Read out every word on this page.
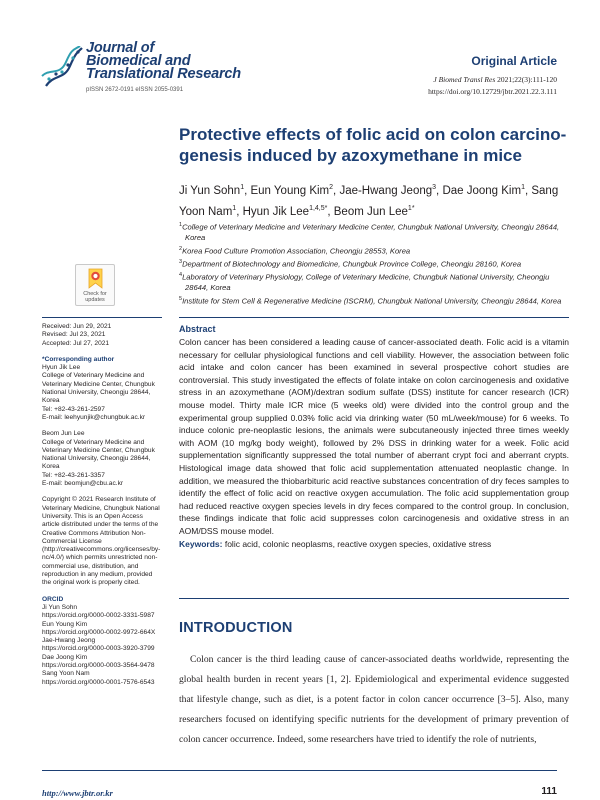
Journal of
Biomedical and
Translational Research
pISSN 2672-0191 eISSN 2055-0391
Original Article
J Biomed Transl Res 2021;22(3):111-120
https://doi.org/10.12729/jbtr.2021.22.3.111
Protective effects of folic acid on colon carcino-genesis induced by azoxymethane in mice
Ji Yun Sohn$^1$, Eun Young Kim$^2$, Jae-Hwang Jeong$^3$, Dae Joong Kim$^1$, Sang Yoon Nam$^1$, Hyun Jik Lee$^{1,4,5*}$, Beom Jun Lee$^{1*}$
$^1$College of Veterinary Medicine and Veterinary Medicine Center, Chungbuk National University, Cheongju 28644, Korea
$^2$Korea Food Culture Promotion Association, Cheongju 28553, Korea
$^3$Department of Biotechnology and Biomedicine, Chungbuk Province College, Cheongju 28160, Korea
$^4$Laboratory of Veterinary Physiology, College of Veterinary Medicine, Chungbuk National University, Cheongju 28644, Korea
$^5$Institute for Stem Cell & Regenerative Medicine (ISCRM), Chungbuk National University, Cheongju 28644, Korea
Check for
updates
Received: Jun 29, 2021
Revised: Jul 23, 2021
Accepted: Jul 27, 2021
*Corresponding author

Hyun Jik Lee
College of Veterinary Medicine and Veterinary Medicine Center, Chungbuk National University, Cheongju 28644, Korea
Tel: +82-43-261-2597
E-mail: leehyunjik@chungbuk.ac.kr

Beom Jun Lee
College of Veterinary Medicine and Veterinary Medicine Center, Chungbuk National University, Cheongju 28644, Korea
Tel: +82-43-261-3357
E-mail: beomjun@cbu.ac.kr

Copyright © 2021 Research Institute of Veterinary Medicine, Chungbuk National University. This is an Open Access article distributed under the terms of the Creative Commons Attribution Non-Commercial License (http://creativecommons.org/licenses/by-nc/4.0/) which permits unrestricted non-commercial use, distribution, and reproduction in any medium, provided the original work is properly cited.

ORCID

Ji Yun Sohn
https://orcid.org/0000-0002-3331-5987
Eun Young Kim
https://orcid.org/0000-0002-9972-664X
Jae-Hwang Jeong
https://orcid.org/0000-0003-3920-3799
Dae Joong Kim
https://orcid.org/0000-0003-3564-9478
Sang Yoon Nam
https://orcid.org/0000-0001-7576-6543

Abstract

Colon cancer has been considered a leading cause of cancer-associated death. Folic acid is a vitamin necessary for cellular physiological functions and cell viability. However, the association between folic acid intake and colon cancer has been examined in several prospective cohort studies are controversial. This study investigated the effects of folate intake on colon carcinogenesis and oxidative stress in an azoxymethane (AOM)/dextran sodium sulfate (DSS) institute for cancer research (ICR) mouse model. Thirty male ICR mice (5 weeks old) were divided into the control group and the experimental group supplied 0.03% folic acid via drinking water (50 mL/week/mouse) for 6 weeks. To induce colonic pre-neoplastic lesions, the animals were subcutaneously injected three times weekly with AOM (10 mg/kg body weight), followed by 2% DSS in drinking water for a week. Folic acid supplementation significantly suppressed the total number of aberrant crypt foci and aberrant crypts. Histological image data showed that folic acid supplementation attenuated neoplastic change. In addition, we measured the thiobarbituric acid reactive substances concentration of dry feces samples to identify the effect of folic acid on reactive oxygen accumulation. The folic acid supplementation group had reduced reactive oxygen species levels in dry feces compared to the control group. In conclusion, these findings indicate that folic acid suppresses colon carcinogenesis and oxidative stress in an AOM/DSS mouse model.

Keywords: folic acid, colonic neoplasms, reactive oxygen species, oxidative stress

INTRODUCTION

Colon cancer is the third leading cause of cancer-associated deaths worldwide, representing the global health burden in recent years [1, 2]. Epidemiological and experimental evidence suggested that lifestyle change, such as diet, is a potent factor in colon cancer occurrence [3–5]. Also, many researchers focused on identifying specific nutrients for the development of primary prevention of colon cancer occurrence. Indeed, some researchers have tried to identify the role of nutrients,

http://www.jbtr.or.kr	111
